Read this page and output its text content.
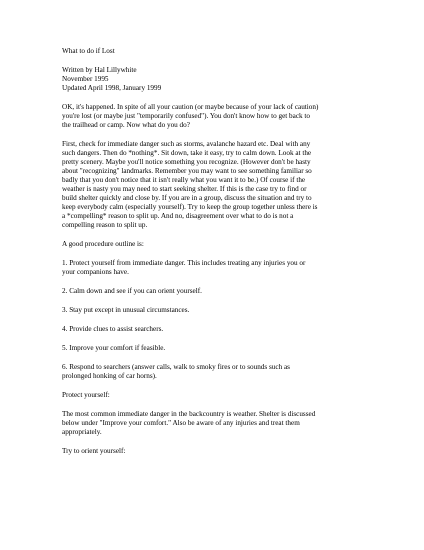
What to do if Lost

Written by Hal Lillywhite

November 1995

Updated April 1998, January 1999

OK, it's happened. In spite of all your caution (or maybe because of your lack of caution)
you're lost (or maybe just "temporarily confused"). You don't know how to get back to
the trailhead or camp. Now what do you do?

First, check for immediate danger such as storms, avalanche hazard etc. Deal with any
such dangers. Then do *nothing*. Sit down, take it easy, try to calm down. Look at the
pretty scenery. Maybe you'll notice something you recognize. (However don't be hasty
about "recognizing" landmarks. Remember you may want to see something familiar so
badly that you don't notice that it isn't really what you want it to be.) Of course if the
weather is nasty you may need to start seeking shelter. If this is the case try to find or
build shelter quickly and close by. If you are in a group, discuss the situation and try to
keep everybody calm (especially yourself). Try to keep the group together unless there is
a *compelling* reason to split up. And no, disagreement over what to do is not a
compelling reason to split up.

A good procedure outline is:

1. Protect yourself from immediate danger. This includes treating any injuries you or
your companions have.

2. Calm down and see if you can orient yourself.

3. Stay put except in unusual circumstances.

4. Provide clues to assist searchers.

5. Improve your comfort if feasible.

6. Respond to searchers (answer calls, walk to smoky fires or to sounds such as
prolonged honking of car horns).

Protect yourself:

The most common immediate danger in the backcountry is weather. Shelter is discussed
below under "Improve your comfort." Also be aware of any injuries and treat them
appropriately.

Try to orient yourself:
